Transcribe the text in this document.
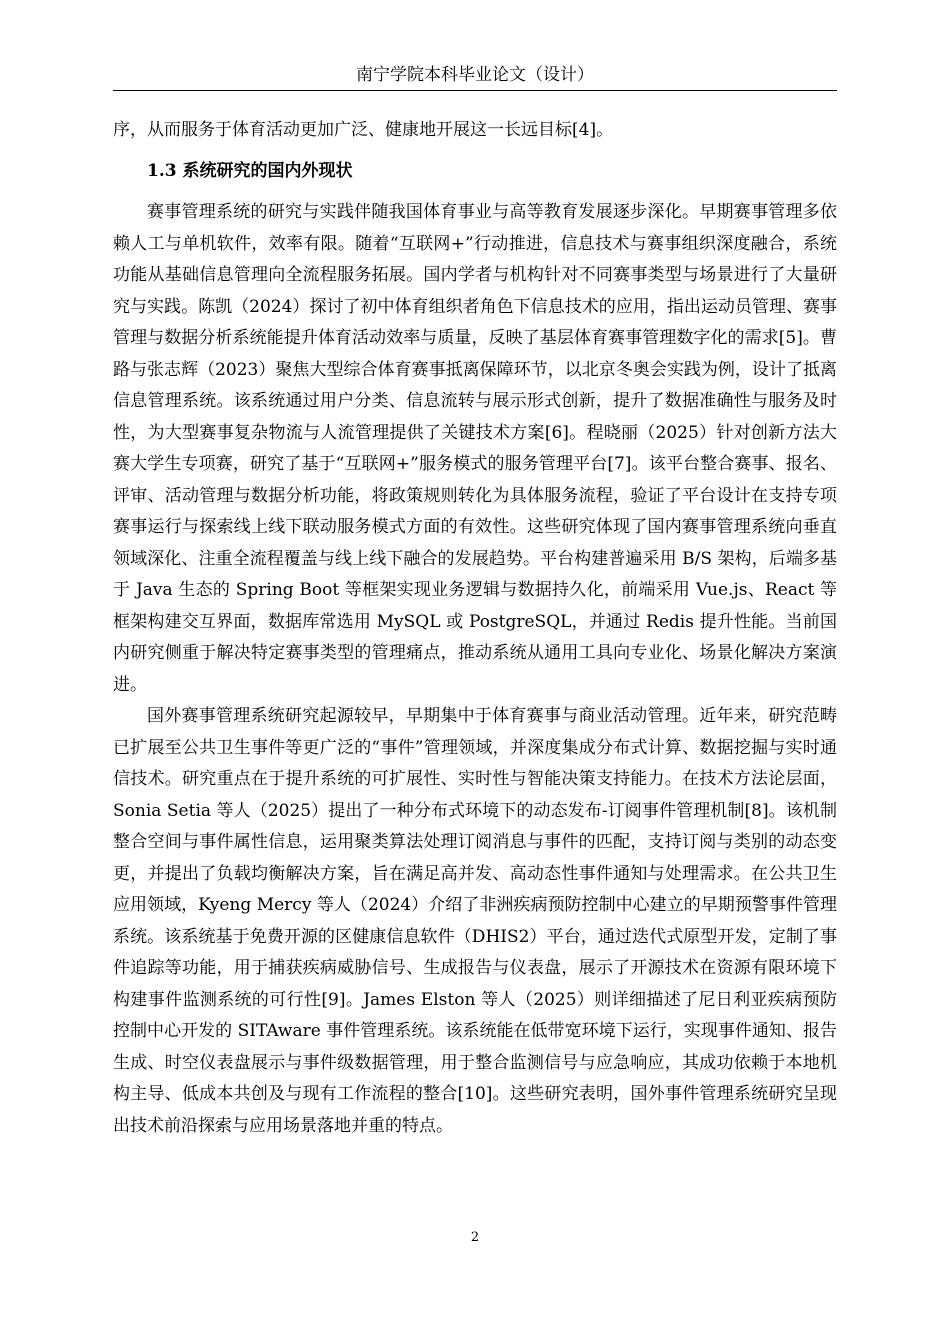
南宁学院本科毕业论文（设计）

序，从而服务于体育活动更加广泛、健康地开展这一长远目标[4]。

1.3 系统研究的国内外现状

赛事管理系统的研究与实践伴随我国体育事业与高等教育发展逐步深化。早期赛事管理多依赖人工与单机软件，效率有限。随着“互联网+”行动推进，信息技术与赛事组织深度融合，系统功能从基础信息管理向全流程服务拓展。国内学者与机构针对不同赛事类型与场景进行了大量研究与实践。陈凯（2024）探讨了初中体育组织者角色下信息技术的应用，指出运动员管理、赛事管理与数据分析系统能提升体育活动效率与质量，反映了基层体育赛事管理数字化的需求[5]。曹路与张志辉（2023）聚焦大型综合体育赛事抵离保障环节，以北京冬奥会实践为例，设计了抵离信息管理系统。该系统通过用户分类、信息流转与展示形式创新，提升了数据准确性与服务及时性，为大型赛事复杂物流与人流管理提供了关键技术方案[6]。程晓丽（2025）针对创新方法大赛大学生专项赛，研究了基于“互联网+”服务模式的服务管理平台[7]。该平台整合赛事、报名、评审、活动管理与数据分析功能，将政策规则转化为具体服务流程，验证了平台设计在支持专项赛事运行与探索线上线下联动服务模式方面的有效性。这些研究体现了国内赛事管理系统向垂直领域深化、注重全流程覆盖与线上线下融合的发展趋势。平台构建普遍采用 B/S 架构，后端多基于 Java 生态的 Spring Boot 等框架实现业务逻辑与数据持久化，前端采用 Vue.js、React 等框架构建交互界面，数据库常选用 MySQL 或 PostgreSQL，并通过 Redis 提升性能。当前国内研究侧重于解决特定赛事类型的管理痛点，推动系统从通用工具向专业化、场景化解决方案演进。

国外赛事管理系统研究起源较早，早期集中于体育赛事与商业活动管理。近年来，研究范畴已扩展至公共卫生事件等更广泛的“事件”管理领域，并深度集成分布式计算、数据挖掘与实时通信技术。研究重点在于提升系统的可扩展性、实时性与智能决策支持能力。在技术方法论层面，Sonia Setia 等人（2025）提出了一种分布式环境下的动态发布-订阅事件管理机制[8]。该机制整合空间与事件属性信息，运用聚类算法处理订阅消息与事件的匹配，支持订阅与类别的动态变更，并提出了负载均衡解决方案，旨在满足高并发、高动态性事件通知与处理需求。在公共卫生应用领域，Kyeng Mercy 等人（2024）介绍了非洲疾病预防控制中心建立的早期预警事件管理系统。该系统基于免费开源的区健康信息软件（DHIS2）平台，通过迭代式原型开发，定制了事件追踪等功能，用于捕获疾病威胁信号、生成报告与仪表盘，展示了开源技术在资源有限环境下构建事件监测系统的可行性[9]。James Elston 等人（2025）则详细描述了尼日利亚疾病预防控制中心开发的 SITAware 事件管理系统。该系统能在低带宽环境下运行，实现事件通知、报告生成、时空仪表盘展示与事件级数据管理，用于整合监测信号与应急响应，其成功依赖于本地机构主导、低成本共创及与现有工作流程的整合[10]。这些研究表明，国外事件管理系统研究呈现出技术前沿探索与应用场景落地并重的特点。

2
